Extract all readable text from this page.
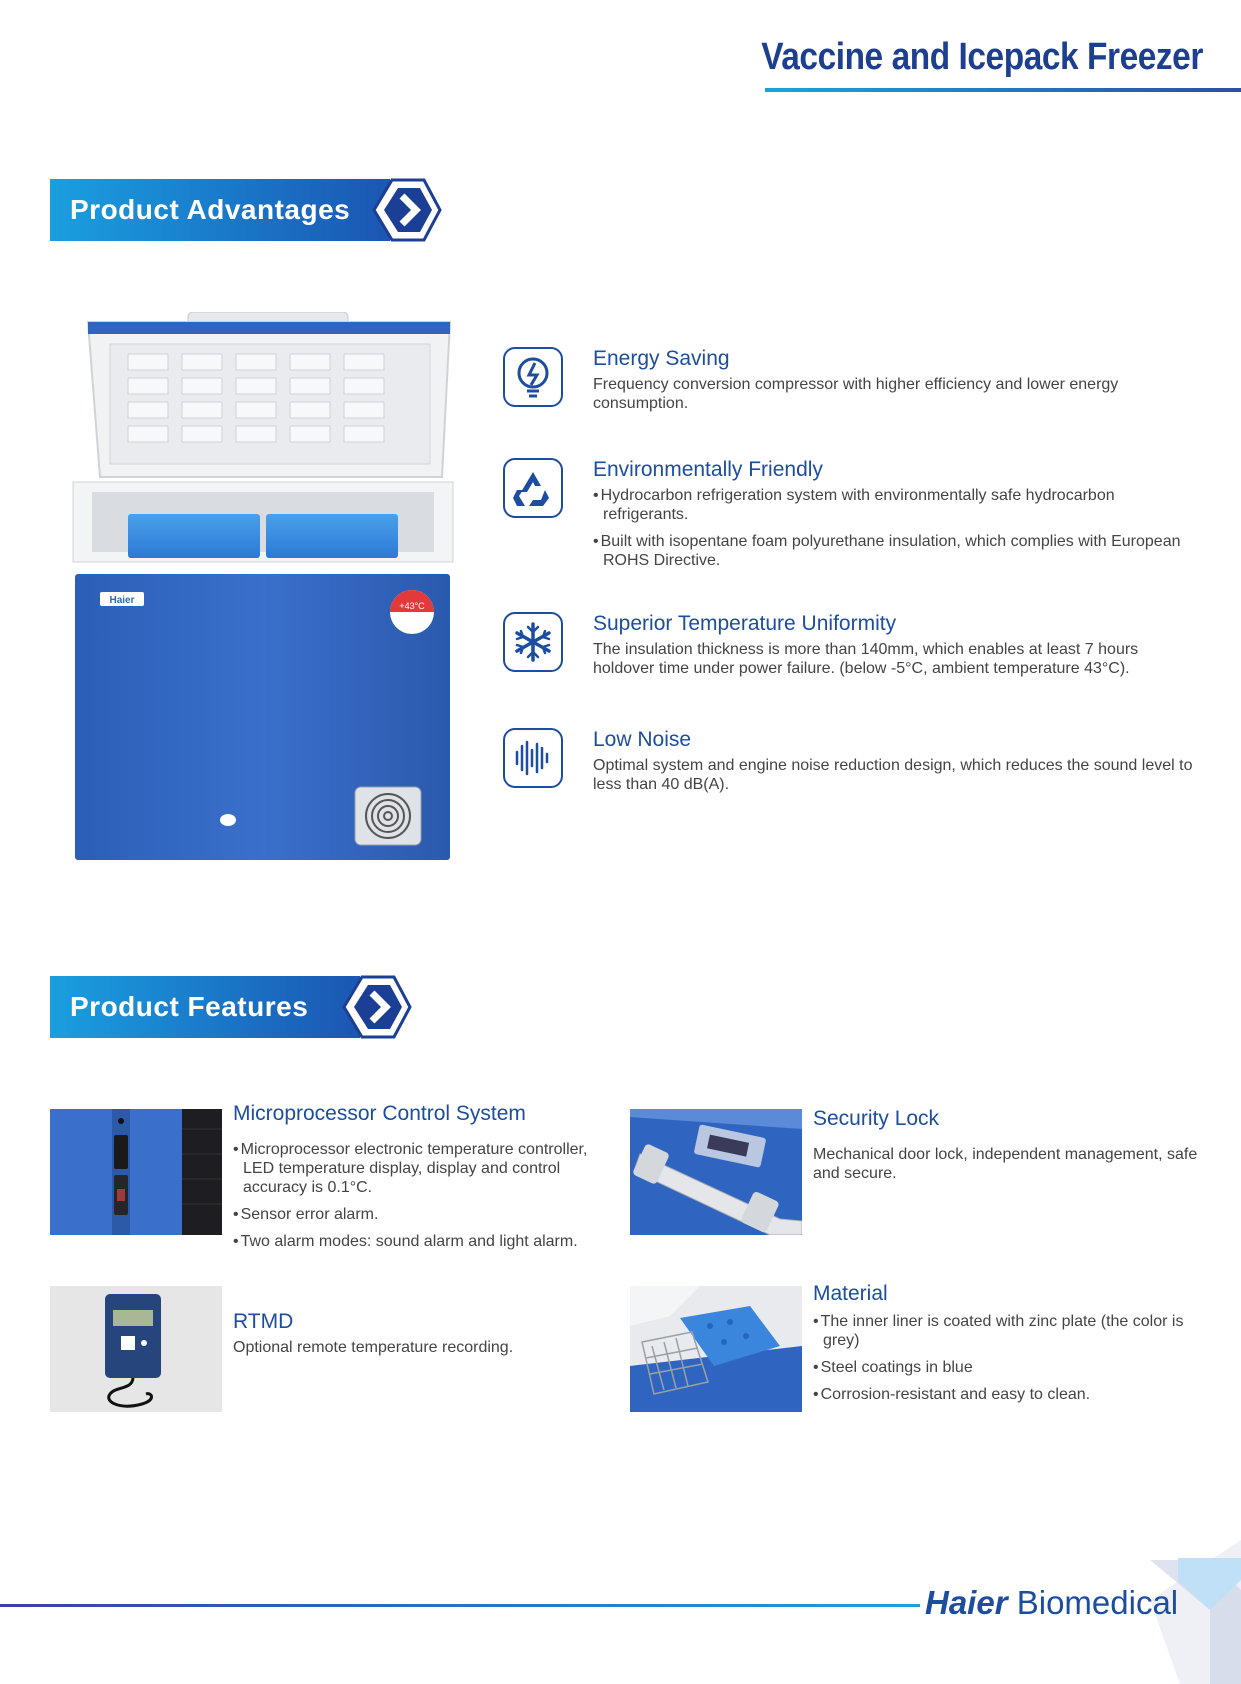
Vaccine and Icepack Freezer
Product Advantages
Haier	+43°C

Energy Saving

Frequency conversion compressor with higher efficiency and lower energy consumption.

Environmentally Friendly

• Hydrocarbon refrigeration system with environmentally safe hydrocarbon refrigerants.
• Built with isopentane foam polyurethane insulation, which complies with European ROHS Directive.

Superior Temperature Uniformity

The insulation thickness is more than 140mm, which enables at least 7 hours holdover time under power failure. (below -5°C, ambient temperature 43°C).

Low Noise

Optimal system and engine noise reduction design, which reduces the sound level to less than 40 dB(A).

Product Features

Microprocessor Control System

• Microprocessor electronic temperature controller, LED temperature display, display and control accuracy is 0.1°C.
• Sensor error alarm.
• Two alarm modes: sound alarm and light alarm.

Security Lock

Mechanical door lock, independent management, safe and secure.

RTMD

Optional remote temperature recording.

Material

• The inner liner is coated with zinc plate (the color is grey)
• Steel coatings in blue
• Corrosion-resistant and easy to clean.
Haier Biomedical
